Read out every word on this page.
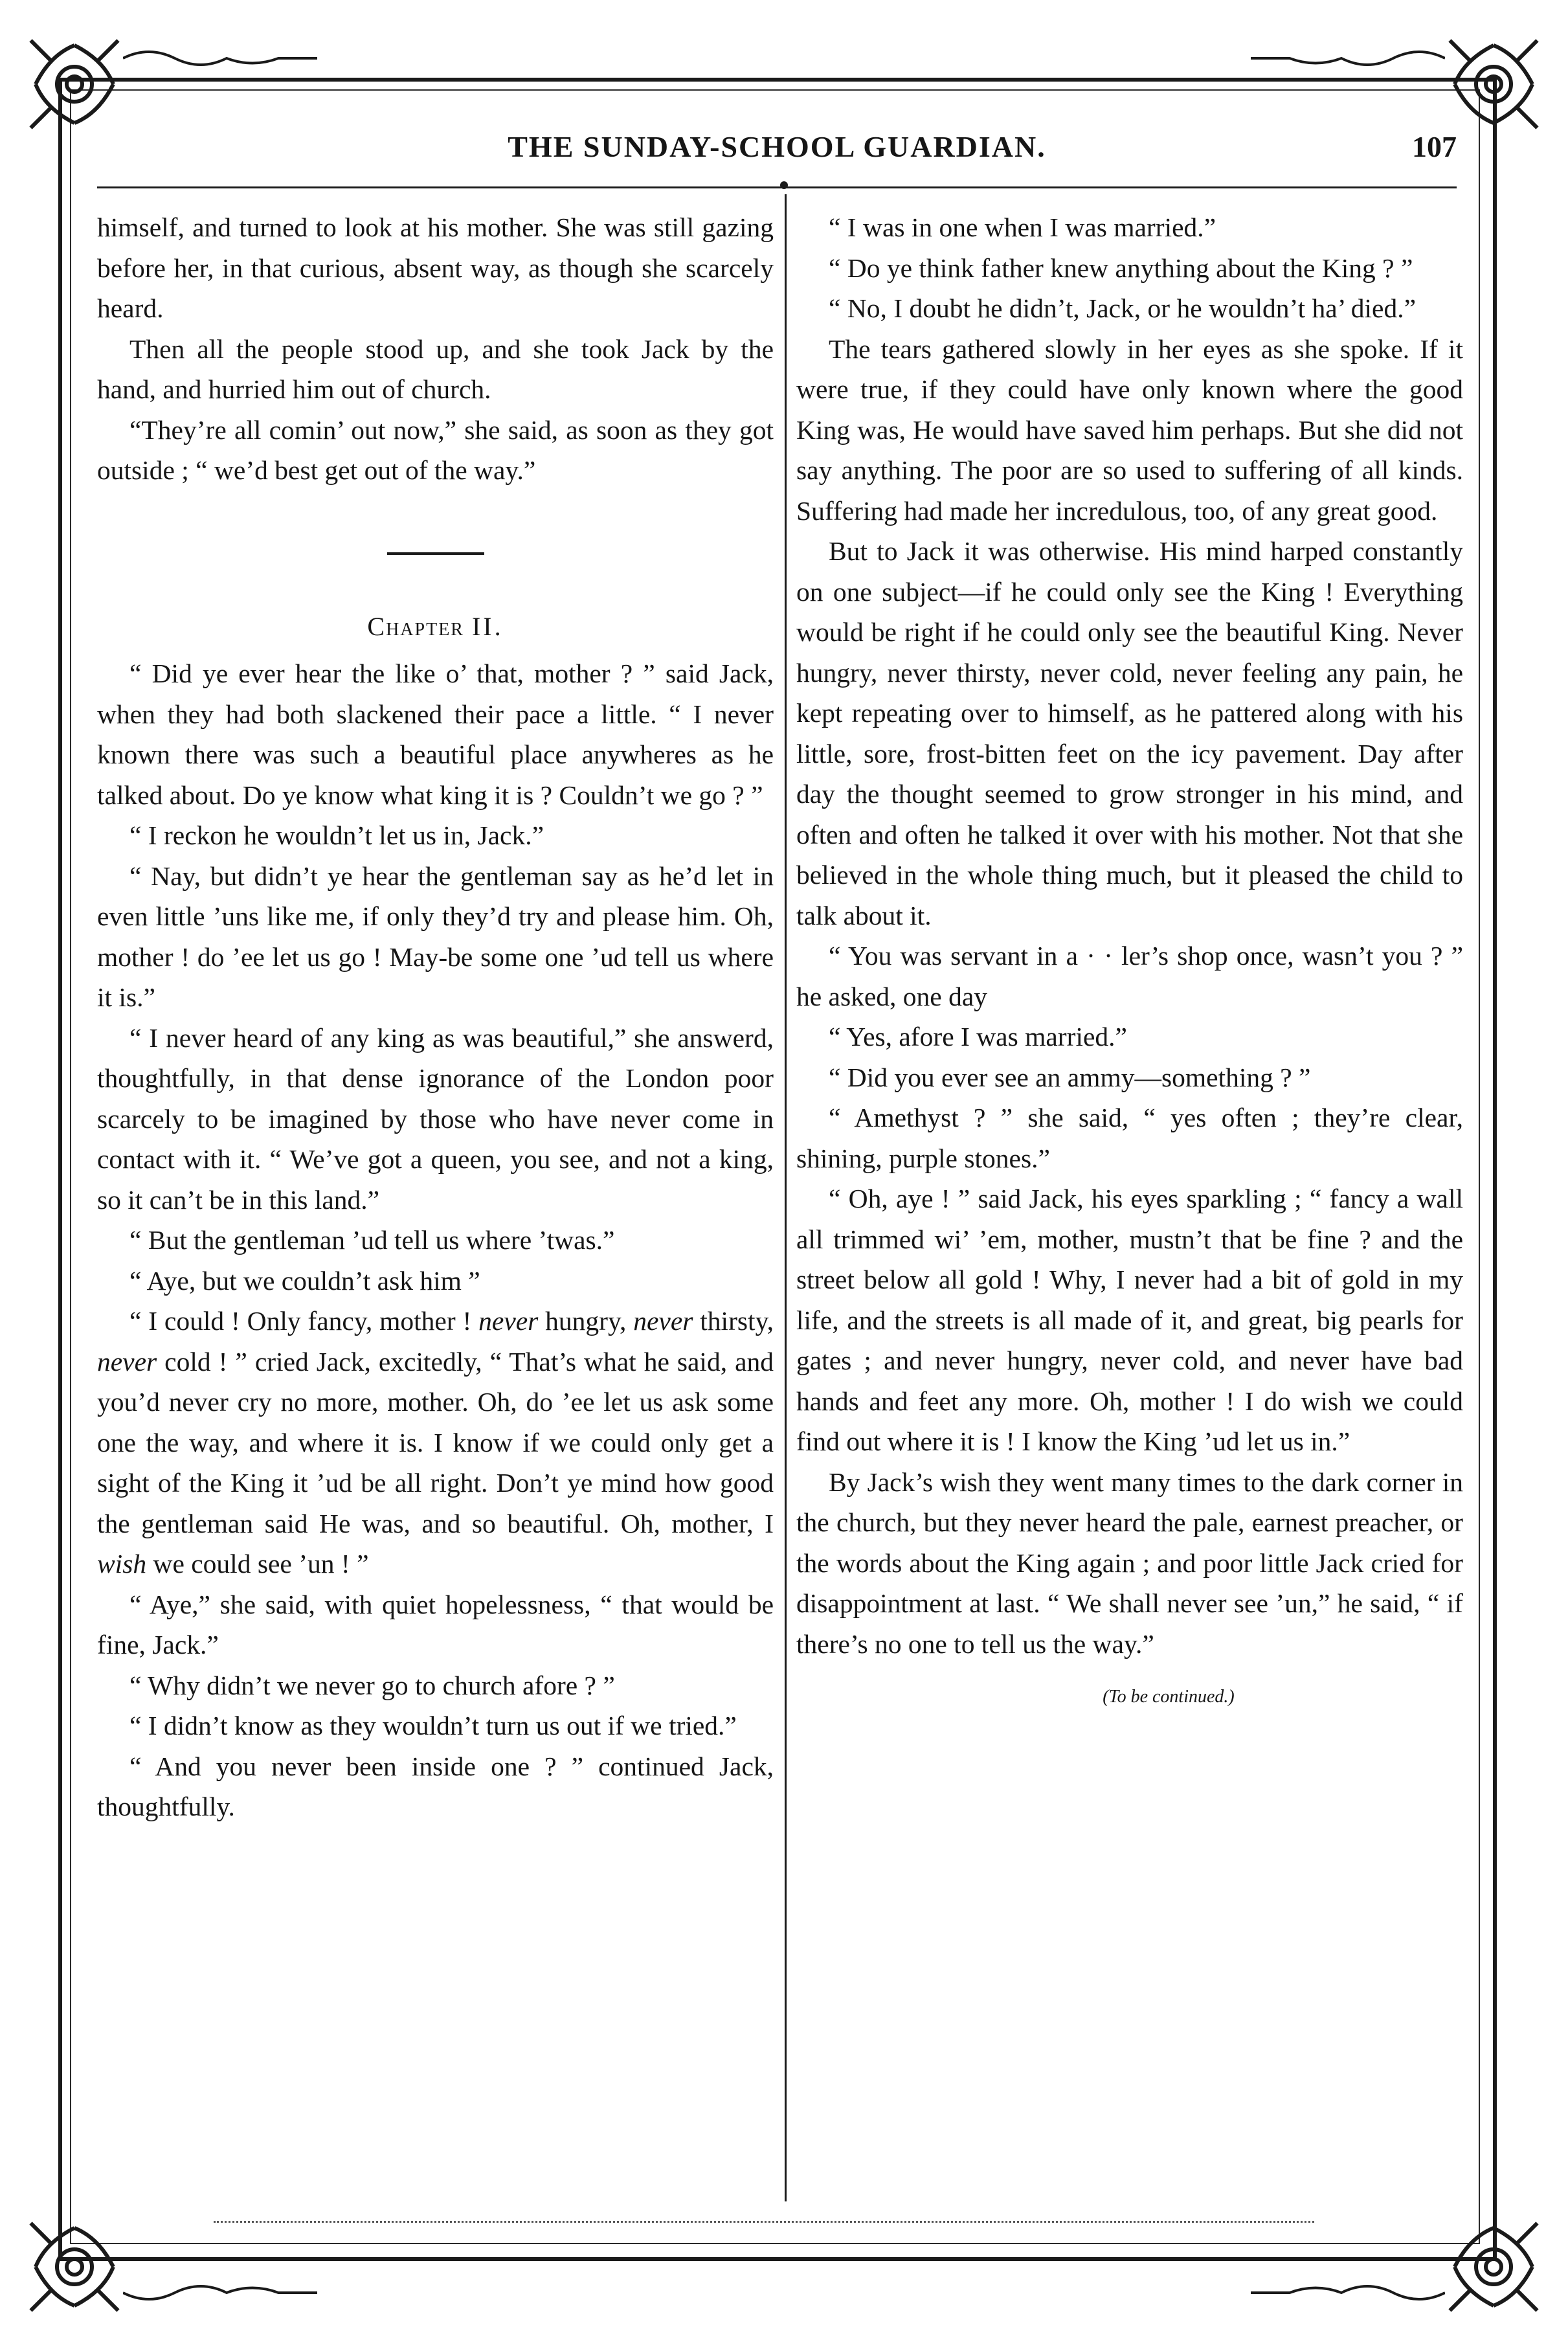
THE SUNDAY-SCHOOL GUARDIAN.	107

himself, and turned to look at his mother. She was still gazing before her, in that curious, absent way, as though she scarcely heard.

Then all the people stood up, and she took Jack by the hand, and hurried him out of church.

“They’re all comin’ out now,” she said, as soon as they got outside ; “ we’d best get out of the way.”

Chapter II.

“ Did ye ever hear the like o’ that, mother ? ” said Jack, when they had both slackened their pace a little. “ I never known there was such a beautiful place anywheres as he talked about. Do ye know what king it is ? Couldn’t we go ? ”

“ I reckon he wouldn’t let us in, Jack.”

“ Nay, but didn’t ye hear the gentleman say as he’d let in even little ’uns like me, if only they’d try and please him. Oh, mother ! do ’ee let us go ! May-be some one ’ud tell us where it is.”

“ I never heard of any king as was beautiful,” she answerd, thoughtfully, in that dense ignorance of the London poor scarcely to be imagined by those who have never come in contact with it. “ We’ve got a queen, you see, and not a king, so it can’t be in this land.”

“ But the gentleman ’ud tell us where ’twas.”

“ Aye, but we couldn’t ask him ”

“ I could ! Only fancy, mother ! never hungry, never thirsty, never cold ! ” cried Jack, excitedly, “ That’s what he said, and you’d never cry no more, mother. Oh, do ’ee let us ask some one the way, and where it is. I know if we could only get a sight of the King it ’ud be all right. Don’t ye mind how good the gentleman said He was, and so beautiful. Oh, mother, I wish we could see ’un ! ”

“ Aye,” she said, with quiet hopelessness, “ that would be fine, Jack.”

“ Why didn’t we never go to church afore ? ”

“ I didn’t know as they wouldn’t turn us out if we tried.”

“ And you never been inside one ? ” continued Jack, thoughtfully.

“ I was in one when I was married.”

“ Do ye think father knew anything about the King ? ”

“ No, I doubt he didn’t, Jack, or he wouldn’t ha’ died.”

The tears gathered slowly in her eyes as she spoke. If it were true, if they could have only known where the good King was, He would have saved him perhaps. But she did not say anything. The poor are so used to suffering of all kinds. Suffering had made her incredulous, too, of any great good.

But to Jack it was otherwise. His mind harped constantly on one subject—if he could only see the King ! Everything would be right if he could only see the beautiful King. Never hungry, never thirsty, never cold, never feeling any pain, he kept repeating over to himself, as he pattered along with his little, sore, frost-bitten feet on the icy pavement. Day after day the thought seemed to grow stronger in his mind, and often and often he talked it over with his mother. Not that she believed in the whole thing much, but it pleased the child to talk about it.

“ You was servant in a · · ler’s shop once, wasn’t you ? ” he asked, one day

“ Yes, afore I was married.”

“ Did you ever see an ammy—something ? ”

“ Amethyst ? ” she said, “ yes often ; they’re clear, shining, purple stones.”

“ Oh, aye ! ” said Jack, his eyes sparkling ; “ fancy a wall all trimmed wi’ ’em, mother, mustn’t that be fine ? and the street below all gold ! Why, I never had a bit of gold in my life, and the streets is all made of it, and great, big pearls for gates ; and never hungry, never cold, and never have bad hands and feet any more. Oh, mother ! I do wish we could find out where it is ! I know the King ’ud let us in.”

By Jack’s wish they went many times to the dark corner in the church, but they never heard the pale, earnest preacher, or the words about the King again ; and poor little Jack cried for disappointment at last. “ We shall never see ’un,” he said, “ if there’s no one to tell us the way.”

(To be continued.)
